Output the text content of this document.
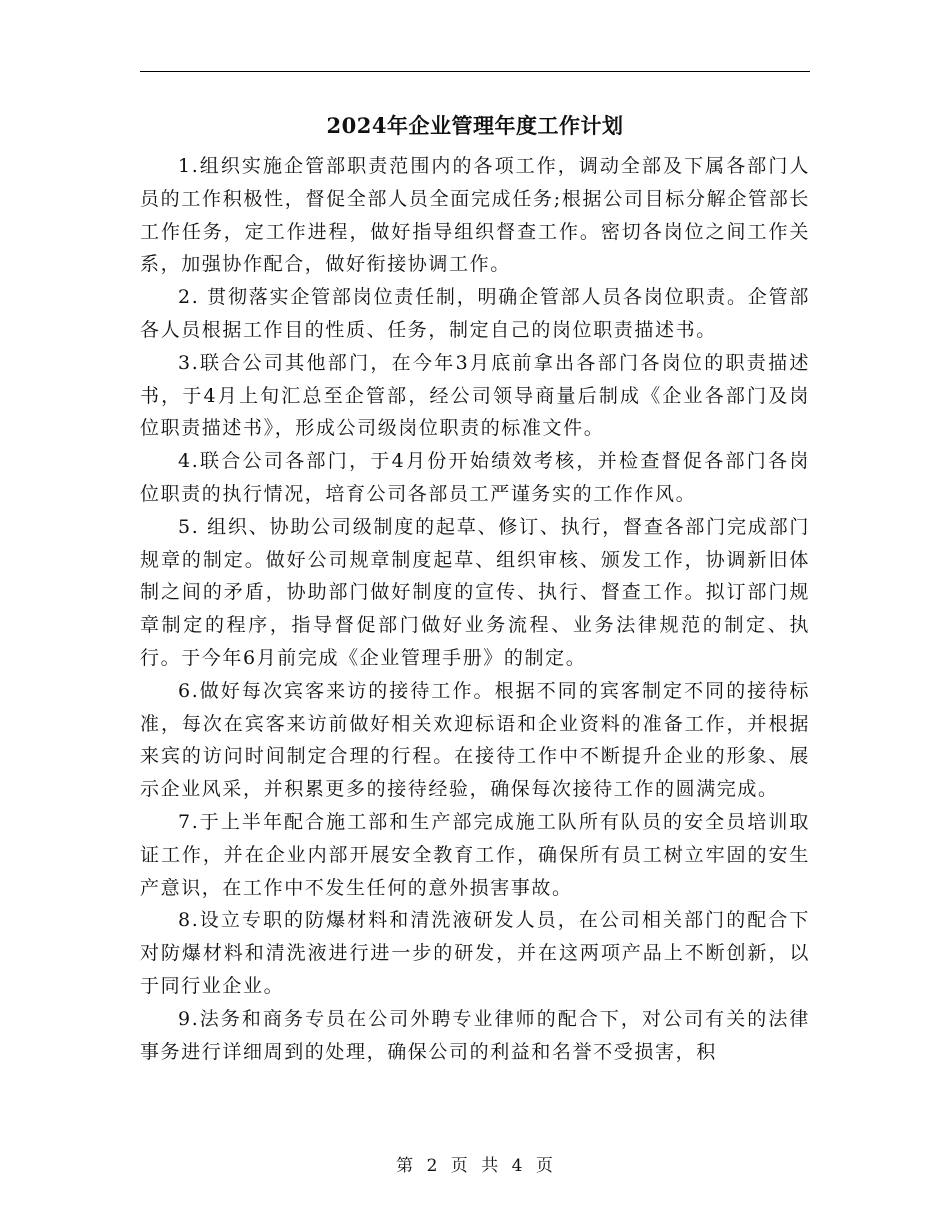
2024年企业管理年度工作计划

1.组织实施企管部职责范围内的各项工作，调动全部及下属各部门人员的工作积极性，督促全部人员全面完成任务;根据公司目标分解企管部长工作任务，定工作进程，做好指导组织督查工作。密切各岗位之间工作关系，加强协作配合，做好衔接协调工作。

2. 贯彻落实企管部岗位责任制，明确企管部人员各岗位职责。企管部各人员根据工作目的性质、任务，制定自己的岗位职责描述书。

3.联合公司其他部门，在今年3月底前拿出各部门各岗位的职责描述书，于4月上旬汇总至企管部，经公司领导商量后制成《企业各部门及岗位职责描述书》，形成公司级岗位职责的标准文件。

4.联合公司各部门，于4月份开始绩效考核，并检查督促各部门各岗位职责的执行情况，培育公司各部员工严谨务实的工作作风。

5. 组织、协助公司级制度的起草、修订、执行，督查各部门完成部门规章的制定。做好公司规章制度起草、组织审核、颁发工作，协调新旧体制之间的矛盾，协助部门做好制度的宣传、执行、督查工作。拟订部门规章制定的程序，指导督促部门做好业务流程、业务法律规范的制定、执行。于今年6月前完成《企业管理手册》的制定。

6.做好每次宾客来访的接待工作。根据不同的宾客制定不同的接待标准，每次在宾客来访前做好相关欢迎标语和企业资料的准备工作，并根据来宾的访问时间制定合理的行程。在接待工作中不断提升企业的形象、展示企业风采，并积累更多的接待经验，确保每次接待工作的圆满完成。

7.于上半年配合施工部和生产部完成施工队所有队员的安全员培训取证工作，并在企业内部开展安全教育工作，确保所有员工树立牢固的安生产意识，在工作中不发生任何的意外损害事故。

8.设立专职的防爆材料和清洗液研发人员，在公司相关部门的配合下对防爆材料和清洗液进行进一步的研发，并在这两项产品上不断创新，以于同行业企业。

9.法务和商务专员在公司外聘专业律师的配合下，对公司有关的法律事务进行详细周到的处理，确保公司的利益和名誉不受损害，积

第 2 页 共 4 页
